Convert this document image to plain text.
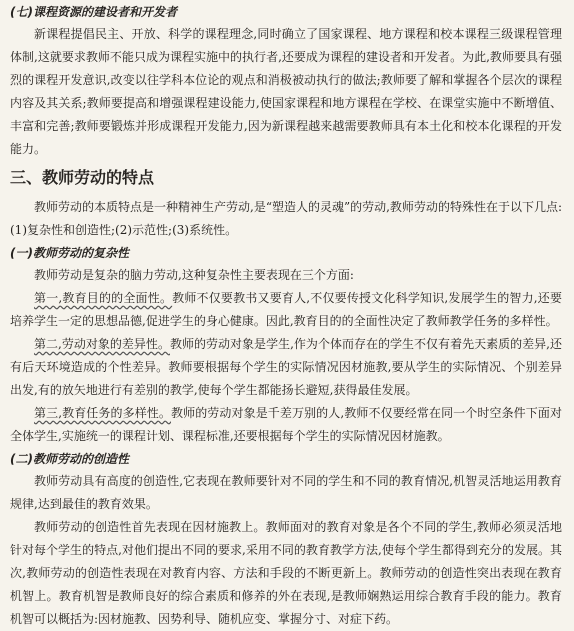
(七)课程资源的建设者和开发者

新课程提倡民主、开放、科学的课程理念,同时确立了国家课程、地方课程和校本课程三级课程管理体制,这就要求教师不能只成为课程实施中的执行者,还要成为课程的建设者和开发者。为此,教师要具有强烈的课程开发意识,改变以往学科本位论的观点和消极被动执行的做法;教师要了解和掌握各个层次的课程内容及其关系;教师要提高和增强课程建设能力,使国家课程和地方课程在学校、在课堂实施中不断增值、丰富和完善;教师要锻炼并形成课程开发能力,因为新课程越来越需要教师具有本土化和校本化课程的开发能力。

三、教师劳动的特点

教师劳动的本质特点是一种精神生产劳动,是“塑造人的灵魂”的劳动,教师劳动的特殊性在于以下几点:(1)复杂性和创造性;(2)示范性;(3)系统性。

(一)教师劳动的复杂性

教师劳动是复杂的脑力劳动,这种复杂性主要表现在三个方面:

第一,教育目的的全面性。教师不仅要教书又要育人,不仅要传授文化科学知识,发展学生的智力,还要培养学生一定的思想品德,促进学生的身心健康。因此,教育目的的全面性决定了教师教学任务的多样性。

第二,劳动对象的差异性。教师的劳动对象是学生,作为个体而存在的学生不仅有着先天素质的差异,还有后天环境造成的个性差异。教师要根据每个学生的实际情况因材施教,要从学生的实际情况、个别差异出发,有的放矢地进行有差别的教学,使每个学生都能扬长避短,获得最佳发展。

第三,教育任务的多样性。教师的劳动对象是千差万别的人,教师不仅要经常在同一个时空条件下面对全体学生,实施统一的课程计划、课程标准,还要根据每个学生的实际情况因材施教。

(二)教师劳动的创造性

教师劳动具有高度的创造性,它表现在教师要针对不同的学生和不同的教育情况,机智灵活地运用教育规律,达到最佳的教育效果。

教师劳动的创造性首先表现在因材施教上。教师面对的教育对象是各个不同的学生,教师必须灵活地针对每个学生的特点,对他们提出不同的要求,采用不同的教育教学方法,使每个学生都得到充分的发展。其次,教师劳动的创造性表现在对教育内容、方法和手段的不断更新上。教师劳动的创造性突出表现在教育机智上。教育机智是教师良好的综合素质和修养的外在表现,是教师娴熟运用综合教育手段的能力。教育机智可以概括为:因材施教、因势利导、随机应变、掌握分寸、对症下药。
